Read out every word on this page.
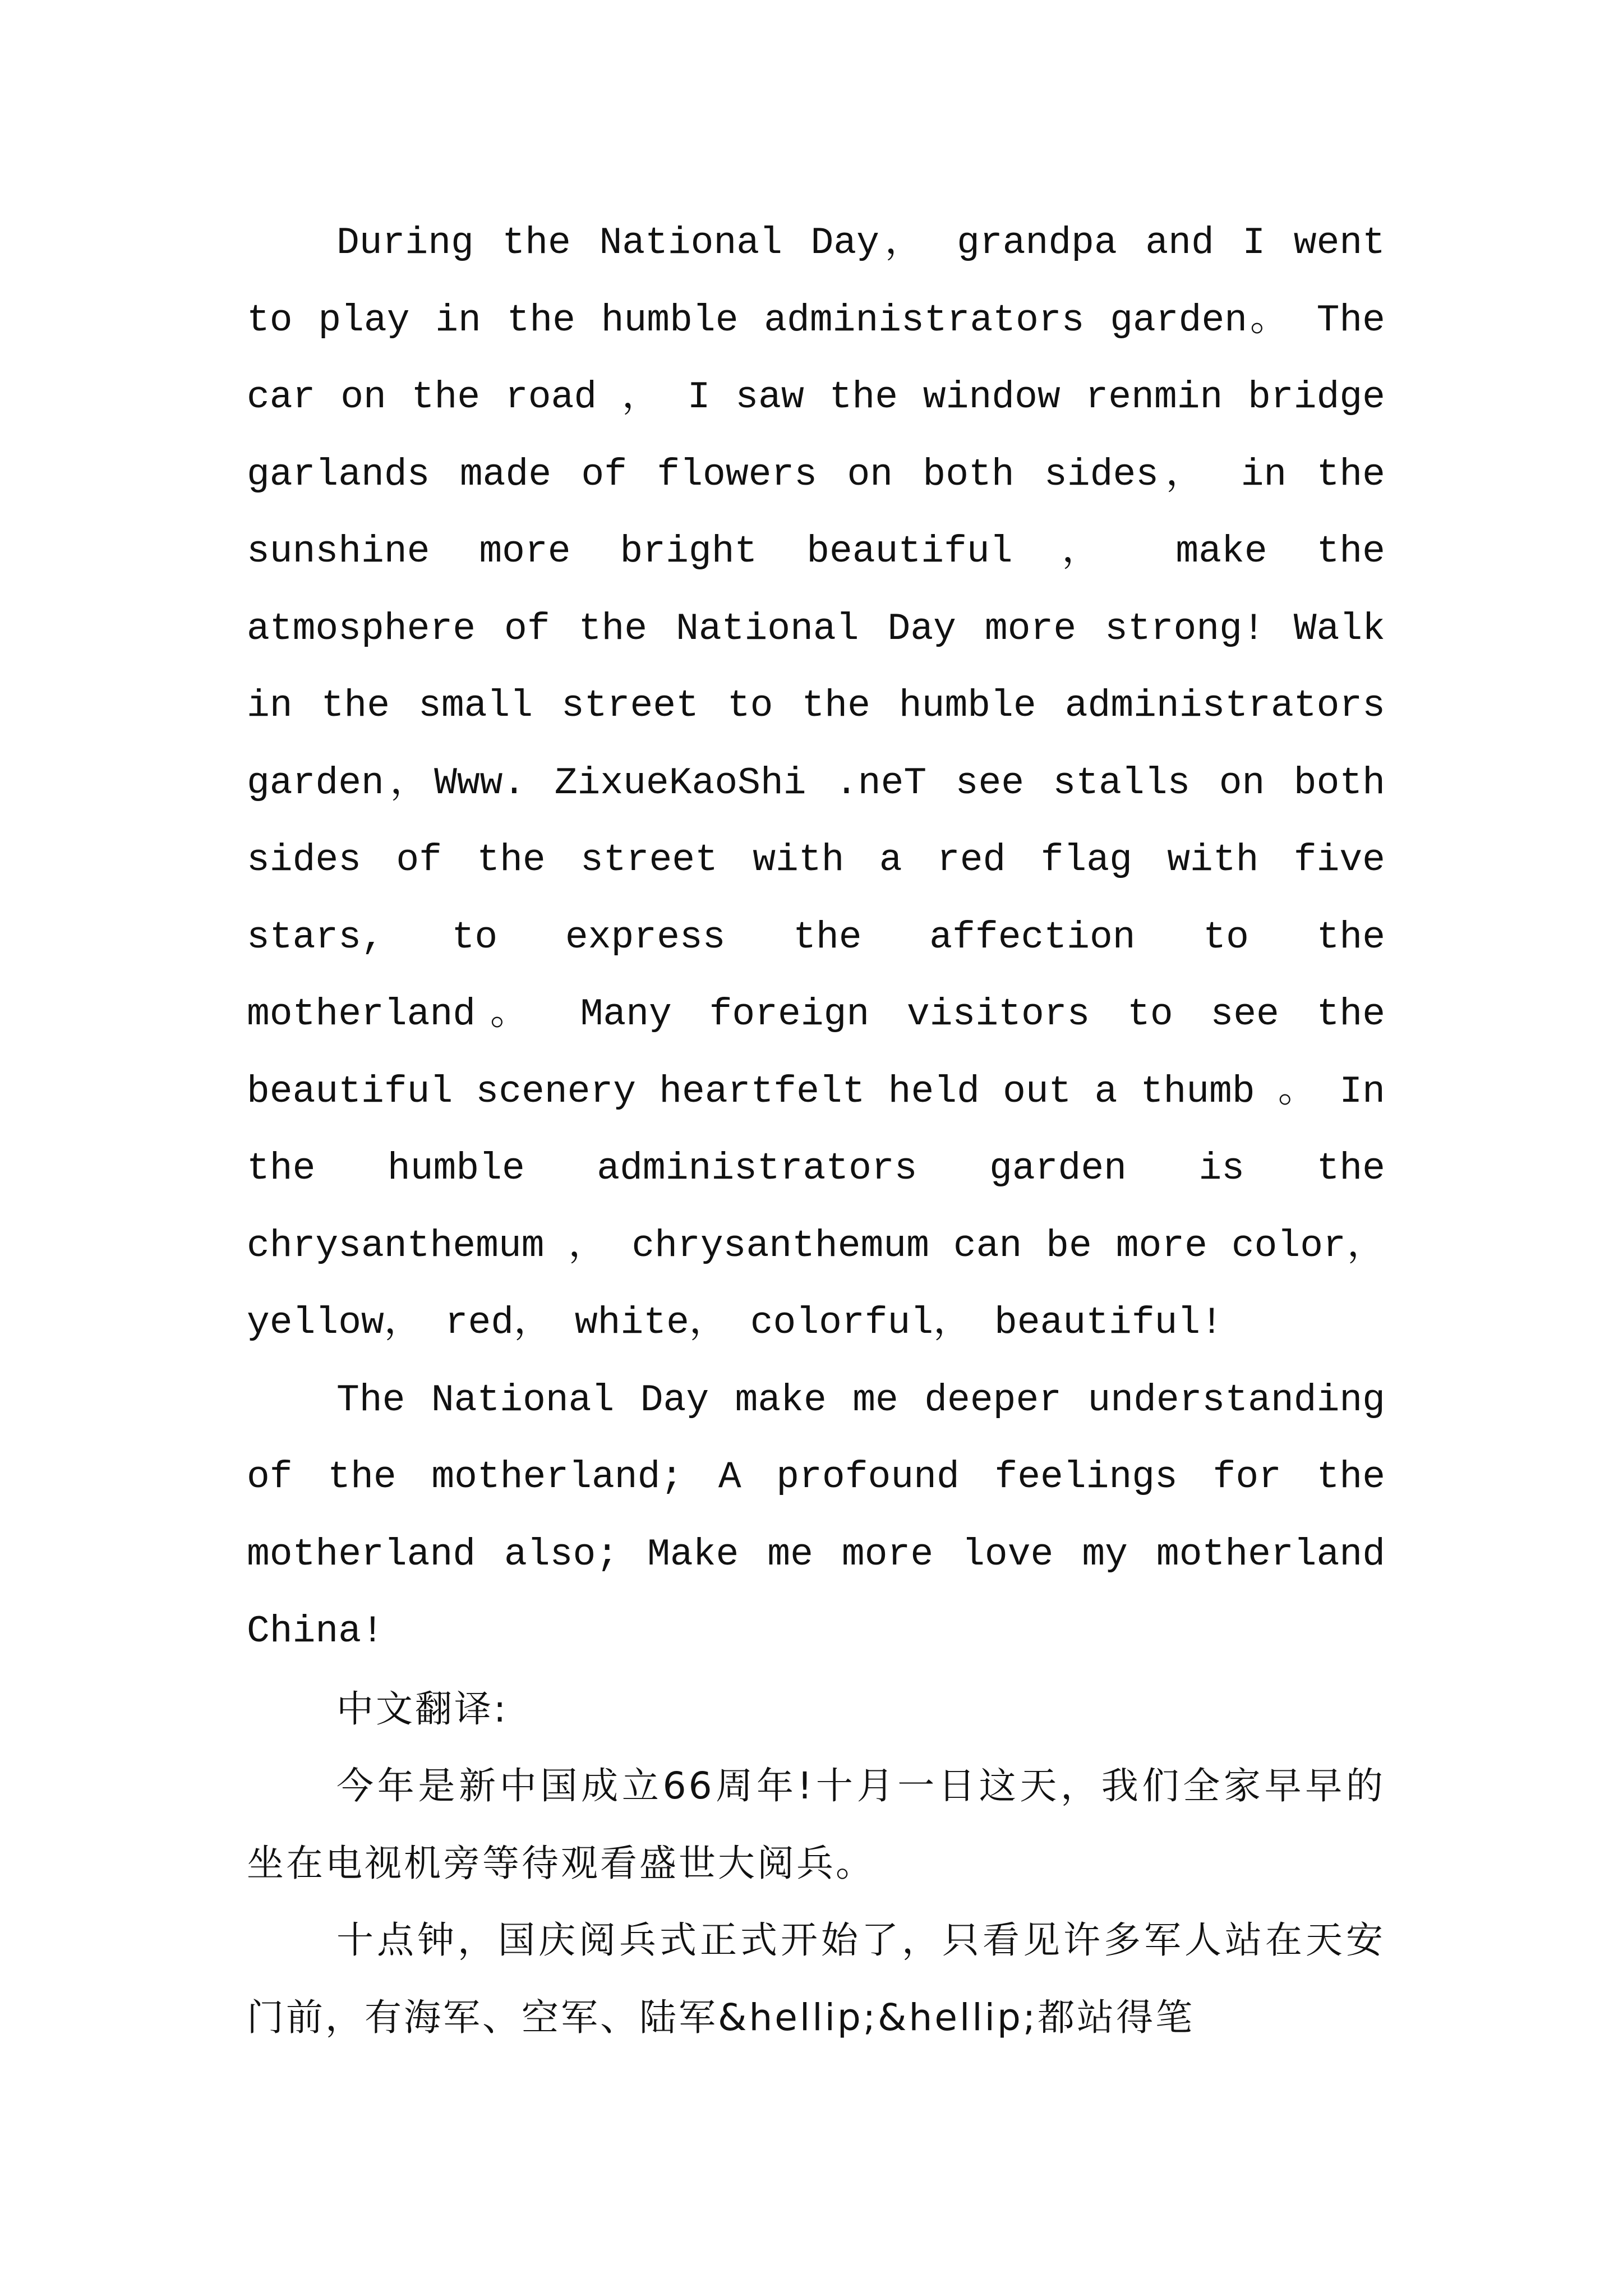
During the National Day， grandpa and I went to play in the humble administrators garden。 The car on the road ， I saw the window renmin bridge garlands made of flowers on both sides， in the sunshine more bright beautiful ， make the atmosphere of the National Day more strong! Walk in the small street to the humble administrators garden，Www. ZixueKaoShi .neT see stalls on both sides of the street with a red flag with five stars, to express the affection to the motherland。 Many foreign visitors to see the beautiful scenery heartfelt held out a thumb 。 In the humble administrators garden is the chrysanthemum ， chrysanthemum can be more color， yellow， red， white， colorful， beautiful!

The National Day make me deeper understanding of the motherland; A profound feelings for the motherland also; Make me more love my motherland China!

中文翻译:

今年是新中国成立66周年!十月一日这天，我们全家早早的坐在电视机旁等待观看盛世大阅兵。

十点钟，国庆阅兵式正式开始了，只看见许多军人站在天安门前，有海军、空军、陆军&hellip;&hellip;都站得笔
